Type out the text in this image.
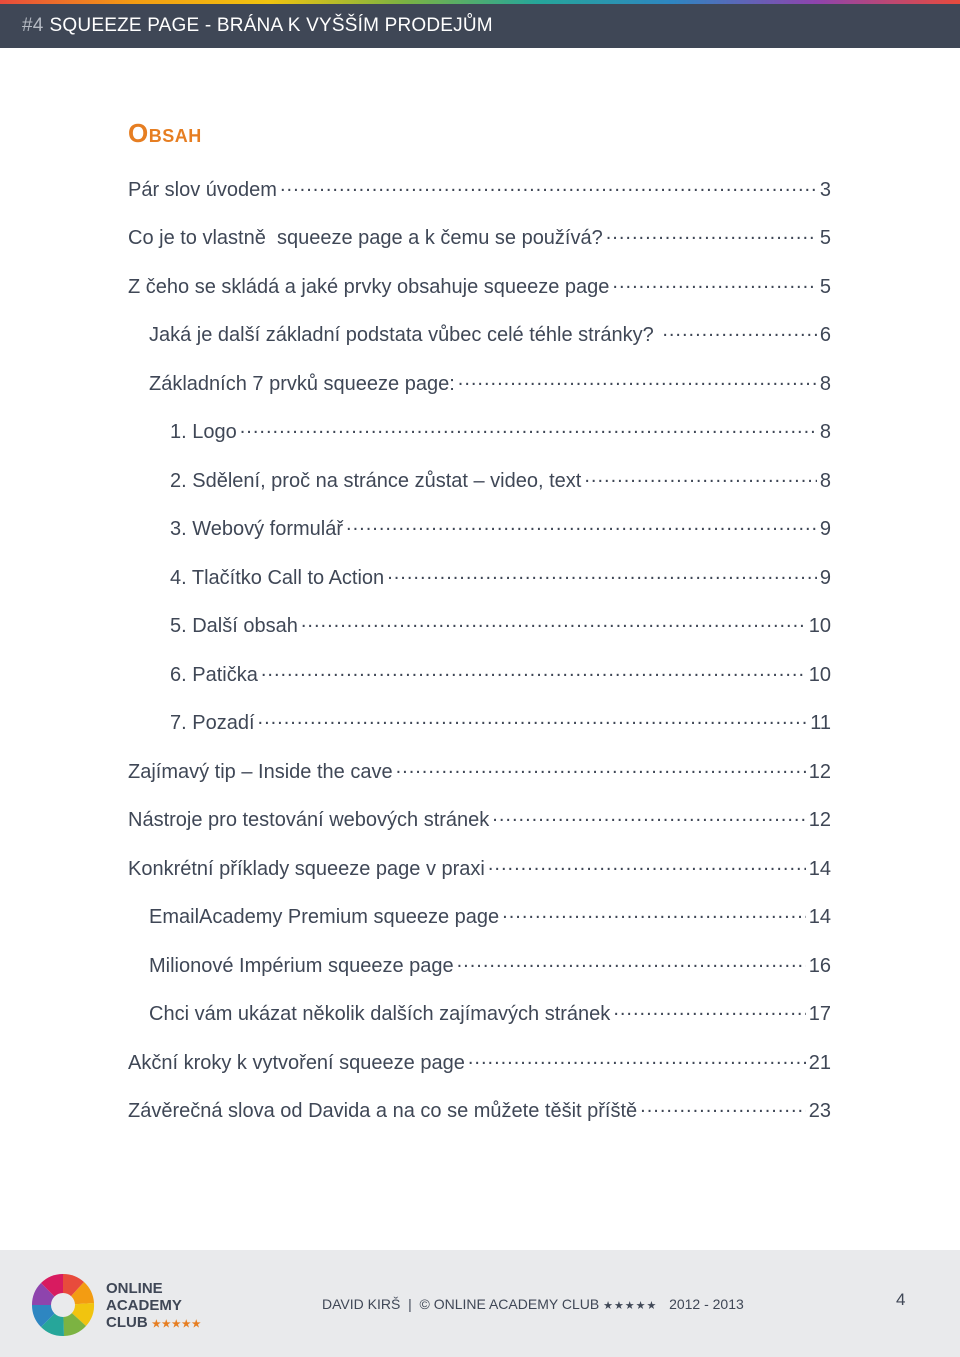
#4 SQUEEZE PAGE - BRÁNA K VYŠŠÍM PRODEJŮM
Obsah
Pár slov úvodem .....	3
Co je to vlastně  squeeze page a k čemu se používá? .....	5
Z čeho se skládá a jaké prvky obsahuje squeeze page .....	5
Jaká je další základní podstata vůbec celé téhle stránky? .....	6
Základních 7 prvků squeeze page: .....	8
1. Logo .....	8
2. Sdělení, proč na stránce zůstat – video, text .....	8
3. Webový formulář .....	9
4. Tlačítko Call to Action .....	9
5. Další obsah .....	10
6. Patička .....	10
7. Pozadí .....	11
Zajímavý tip – Inside the cave .....	12
Nástroje pro testování webových stránek .....	12
Konkrétní příklady squeeze page v praxi .....	14
EmailAcademy Premium squeeze page .....	14
Milionové Impérium squeeze page .....	16
Chci vám ukázat několik dalších zajímavých stránek .....	17
Akční kroky k vytvoření squeeze page .....	21
Závěrečná slova od Davida a na co se můžete těšit příště .....	23
ONLINE
ACADEMY
CLUB ★★★★★
DAVID KIRŠ | © ONLINE ACADEMY CLUB ★★★★★ 2012 - 2013	4
